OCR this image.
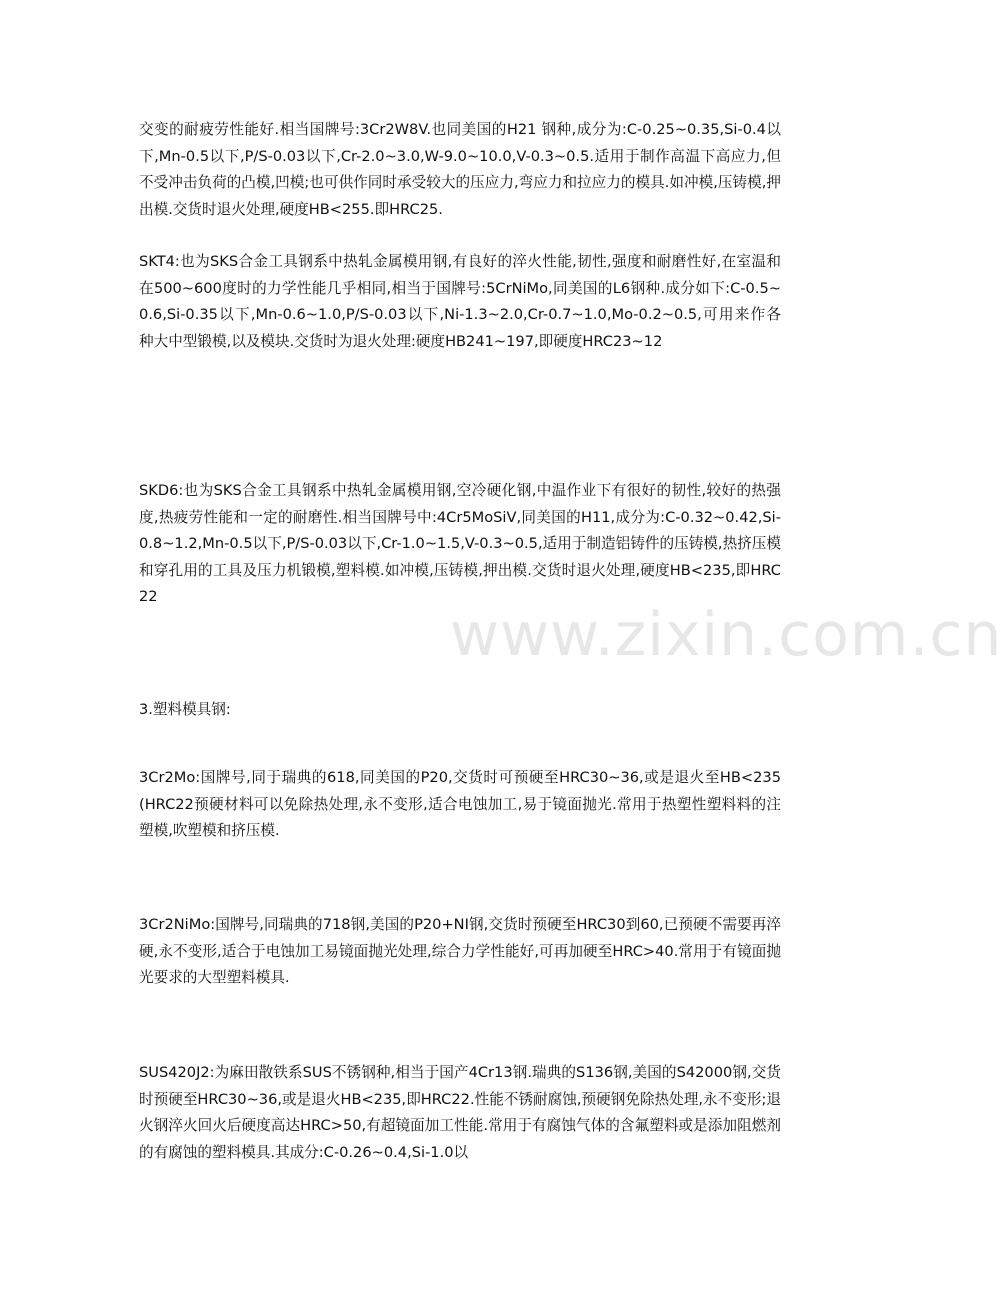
www.zixin.com.cn

交变的耐疲劳性能好.相当国牌号:3Cr2W8V.也同美国的H21 钢种,成分为:C-0.25~0.35,Si-0.4以下,Mn-0.5以下,P/S-0.03以下,Cr-2.0~3.0,W-9.0~10.0,V-0.3~0.5.适用于制作高温下高应力,但不受冲击负荷的凸模,凹模;也可供作同时承受较大的压应力,弯应力和拉应力的模具.如冲模,压铸模,押出模.交货时退火处理,硬度HB<255.即HRC25.

SKT4:也为SKS合金工具钢系中热轧金属模用钢,有良好的淬火性能,韧性,强度和耐磨性好,在室温和在500~600度时的力学性能几乎相同,相当于国牌号:5CrNiMo,同美国的L6钢种.成分如下:C-0.5~0.6,Si-0.35以下,Mn-0.6~1.0,P/S-0.03以下,Ni-1.3~2.0,Cr-0.7~1.0,Mo-0.2~0.5,可用来作各种大中型锻模,以及模块.交货时为退火处理:硬度HB241~197,即硬度HRC23~12

SKD6:也为SKS合金工具钢系中热轧金属模用钢,空冷硬化钢,中温作业下有很好的韧性,较好的热强度,热疲劳性能和一定的耐磨性.相当国牌号中:4Cr5MoSiV,同美国的H11,成分为:C-0.32~0.42,Si-0.8~1.2,Mn-0.5以下,P/S-0.03以下,Cr-1.0~1.5,V-0.3~0.5,适用于制造铝铸件的压铸模,热挤压模和穿孔用的工具及压力机锻模,塑料模.如冲模,压铸模,押出模.交货时退火处理,硬度HB<235,即HRC22

3.塑料模具钢:

3Cr2Mo:国牌号,同于瑞典的618,同美国的P20,交货时可预硬至HRC30~36,或是退火至HB<235(HRC22预硬材料可以免除热处理,永不变形,适合电蚀加工,易于镜面抛光.常用于热塑性塑料料的注塑模,吹塑模和挤压模.

3Cr2NiMo:国牌号,同瑞典的718钢,美国的P20+NI钢,交货时预硬至HRC30到60,已预硬不需要再淬硬,永不变形,适合于电蚀加工易镜面抛光处理,综合力学性能好,可再加硬至HRC>40.常用于有镜面抛光要求的大型塑料模具.

SUS420J2:为麻田散铁系SUS不锈钢种,相当于国产4Cr13钢.瑞典的S136钢,美国的S42000钢,交货时预硬至HRC30~36,或是退火HB<235,即HRC22.性能不锈耐腐蚀,预硬钢免除热处理,永不变形;退火钢淬火回火后硬度高达HRC>50,有超镜面加工性能.常用于有腐蚀气体的含氟塑料或是添加阻燃剂的有腐蚀的塑料模具.其成分:C-0.26~0.4,Si-1.0以
